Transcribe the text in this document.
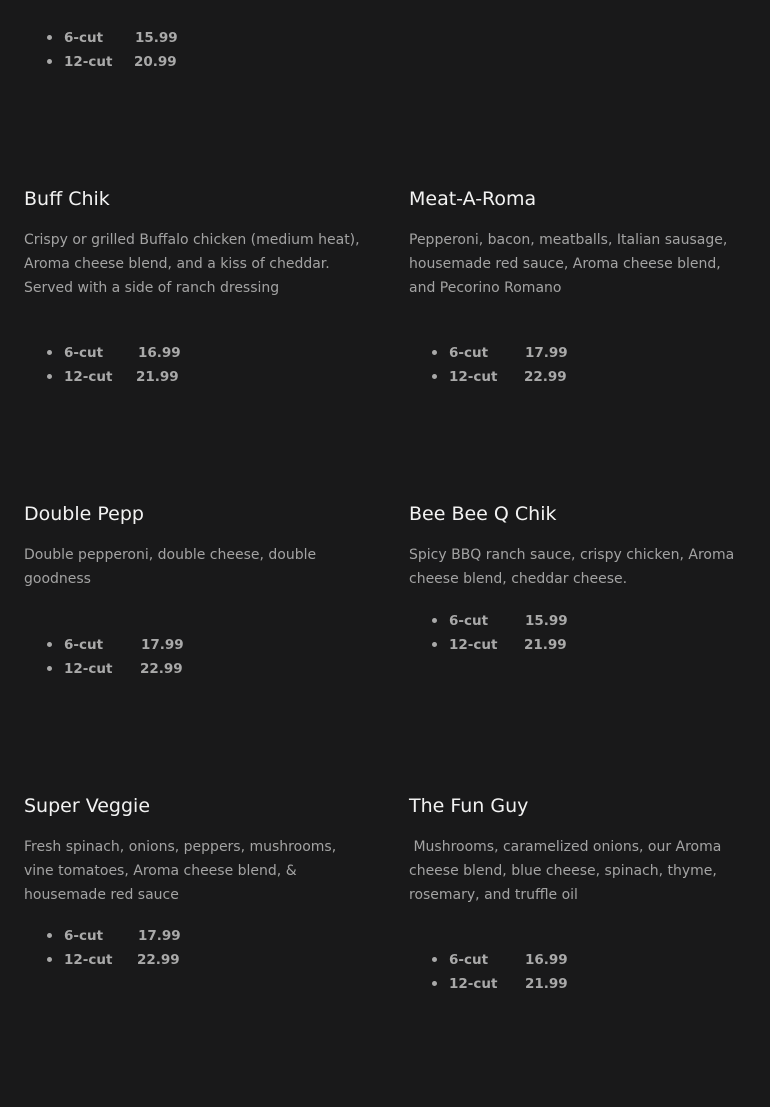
6-cut 15.99
12-cut 20.99
Buff Chik

Crispy or grilled Buffalo chicken (medium heat), Aroma cheese blend, and a kiss of cheddar. Served with a side of ranch dressing

6-cut	16.99
12-cut 21.99
Meat-A-Roma

Pepperoni, bacon, meatballs, Italian sausage, housemade red sauce, Aroma cheese blend, and Pecorino Romano

6-cut	17.99
12-cut 22.99
Double Pepp

Double pepperoni, double cheese, double goodness

6-cut	17.99
12-cut 22.99
Bee Bee Q Chik

Spicy BBQ ranch sauce, crispy chicken, Aroma cheese blend, cheddar cheese.

6-cut	15.99
12-cut 21.99
Super Veggie

Fresh spinach, onions, peppers, mushrooms, vine tomatoes, Aroma cheese blend, & housemade red sauce

6-cut	17.99
12-cut 22.99
The Fun Guy

Mushrooms, caramelized onions, our Aroma cheese blend, blue cheese, spinach, thyme, rosemary, and truffle oil

6-cut	16.99
12-cut 21.99
